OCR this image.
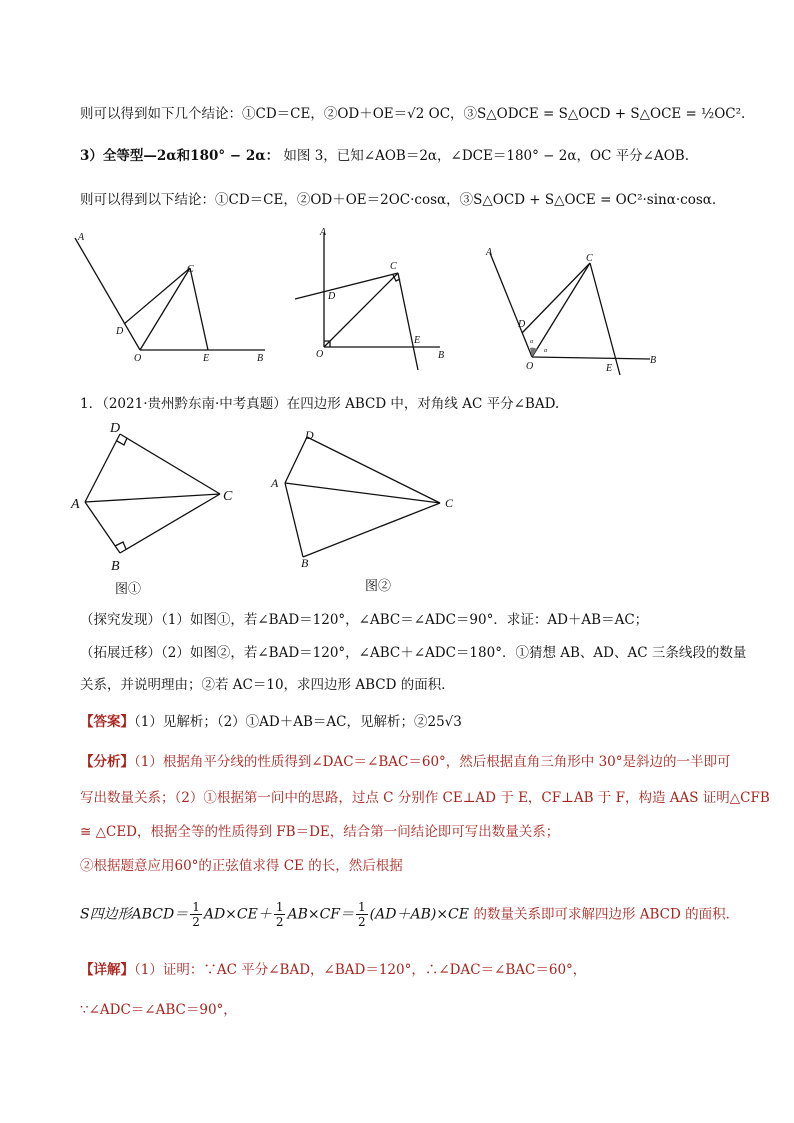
则可以得到如下几个结论：①CD＝CE，②OD＋OE＝√2 OC，③S△ODCE = S△OCD + S△OCE = ½OC².
3）全等型—2α和180° − 2α： 如图 3，已知∠AOB＝2α，∠DCE＝180° − 2α，OC 平分∠AOB.
则可以得到以下结论：①CD＝CE，②OD＋OE＝2OC·cosα，③S△OCD + S△OCE = OC²·sinα·cosα.
A
B
C
D
O	E
A
B
C
D
O
E
A
B
C
D
O	E
α
α
1．（2021·贵州黔东南·中考真题）在四边形 ABCD 中，对角线 AC 平分∠BAD.
D
A
C
B
图①
D
A
C
B
图②
（探究发现）（1）如图①，若∠BAD＝120°，∠ABC＝∠ADC＝90°．求证：AD＋AB＝AC；
（拓展迁移）（2）如图②，若∠BAD＝120°，∠ABC＋∠ADC＝180°．①猜想 AB、AD、AC 三条线段的数量
关系，并说明理由；②若 AC＝10，求四边形 ABCD 的面积．
【答案】（1）见解析；（2）①AD＋AB＝AC，见解析；②25√3
【分析】（1）根据角平分线的性质得到∠DAC＝∠BAC＝60°，然后根据直角三角形中 30°是斜边的一半即可
写出数量关系；（2）①根据第一问中的思路，过点 C 分别作 CE⊥AD 于 E，CF⊥AB 于 F，构造 AAS 证明△CFB
≅ △CED，根据全等的性质得到 FB＝DE，结合第一问结论即可写出数量关系；
②根据题意应用60°的正弦值求得 CE 的长，然后根据
S四边形ABCD＝ $\frac{1}{2} AD\times CE+ \frac{1}{2} AB\times CF= \frac{1}{2} (AD+AB)\times CE$ 的数量关系即可求解四边形 ABCD 的面积．
【详解】（1）证明：∵AC 平分∠BAD，∠BAD＝120°，∴∠DAC＝∠BAC＝60°，
∵∠ADC＝∠ABC＝90°，
